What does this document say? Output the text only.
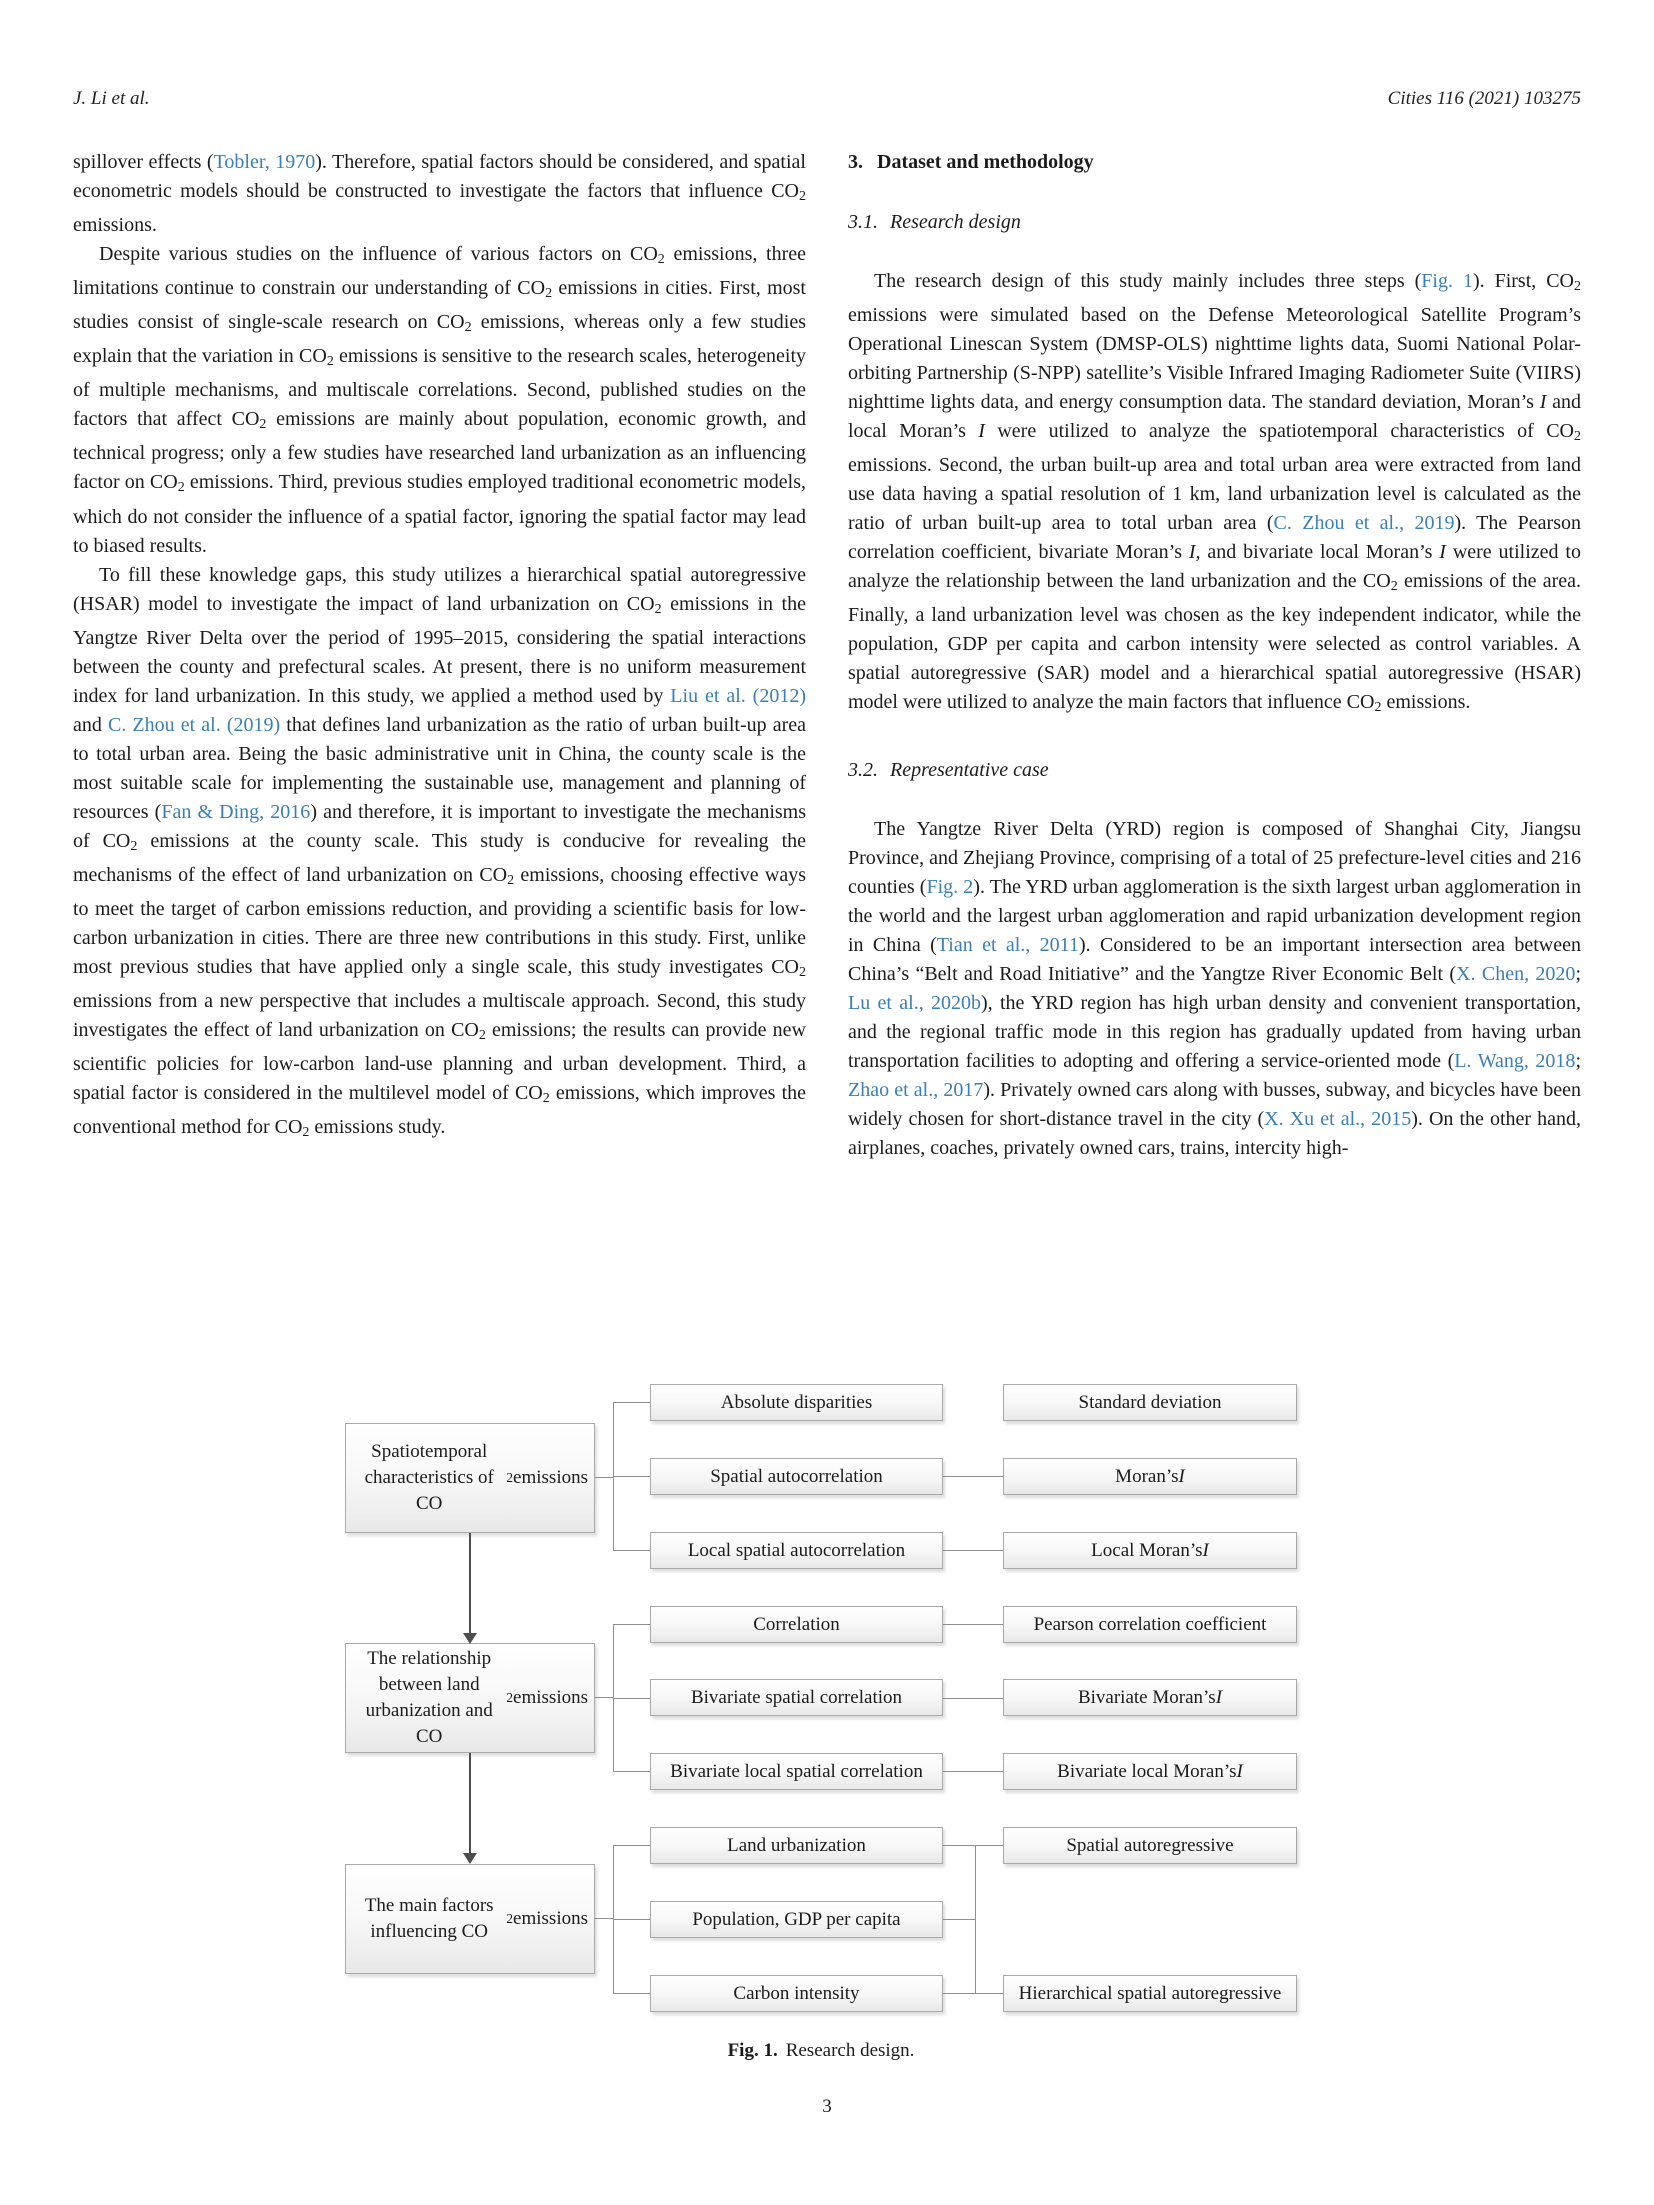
J. Li et al.	Cities 116 (2021) 103275

spillover effects (Tobler, 1970). Therefore, spatial factors should be considered, and spatial econometric models should be constructed to investigate the factors that influence CO2 emissions.

Despite various studies on the influence of various factors on CO2 emissions, three limitations continue to constrain our understanding of CO2 emissions in cities. First, most studies consist of single-scale research on CO2 emissions, whereas only a few studies explain that the variation in CO2 emissions is sensitive to the research scales, heterogeneity of multiple mechanisms, and multiscale correlations. Second, published studies on the factors that affect CO2 emissions are mainly about population, economic growth, and technical progress; only a few studies have researched land urbanization as an influencing factor on CO2 emissions. Third, previous studies employed traditional econometric models, which do not consider the influence of a spatial factor, ignoring the spatial factor may lead to biased results.

To fill these knowledge gaps, this study utilizes a hierarchical spatial autoregressive (HSAR) model to investigate the impact of land urbanization on CO2 emissions in the Yangtze River Delta over the period of 1995–2015, considering the spatial interactions between the county and prefectural scales. At present, there is no uniform measurement index for land urbanization. In this study, we applied a method used by Liu et al. (2012) and C. Zhou et al. (2019) that defines land urbanization as the ratio of urban built-up area to total urban area. Being the basic administrative unit in China, the county scale is the most suitable scale for implementing the sustainable use, management and planning of resources (Fan & Ding, 2016) and therefore, it is important to investigate the mechanisms of CO2 emissions at the county scale. This study is conducive for revealing the mechanisms of the effect of land urbanization on CO2 emissions, choosing effective ways to meet the target of carbon emissions reduction, and providing a scientific basis for low-carbon urbanization in cities. There are three new contributions in this study. First, unlike most previous studies that have applied only a single scale, this study investigates CO2 emissions from a new perspective that includes a multiscale approach. Second, this study investigates the effect of land urbanization on CO2 emissions; the results can provide new scientific policies for low-carbon land-use planning and urban development. Third, a spatial factor is considered in the multilevel model of CO2 emissions, which improves the conventional method for CO2 emissions study.

3. Dataset and methodology
3.1. Research design

The research design of this study mainly includes three steps (Fig. 1). First, CO2 emissions were simulated based on the Defense Meteorological Satellite Program’s Operational Linescan System (DMSP-OLS) nighttime lights data, Suomi National Polar-orbiting Partnership (S-NPP) satellite’s Visible Infrared Imaging Radiometer Suite (VIIRS) nighttime lights data, and energy consumption data. The standard deviation, Moran’s I and local Moran’s I were utilized to analyze the spatiotemporal characteristics of CO2 emissions. Second, the urban built-up area and total urban area were extracted from land use data having a spatial resolution of 1 km, land urbanization level is calculated as the ratio of urban built-up area to total urban area (C. Zhou et al., 2019). The Pearson correlation coefficient, bivariate Moran’s I, and bivariate local Moran’s I were utilized to analyze the relationship between the land urbanization and the CO2 emissions of the area. Finally, a land urbanization level was chosen as the key independent indicator, while the population, GDP per capita and carbon intensity were selected as control variables. A spatial autoregressive (SAR) model and a hierarchical spatial autoregressive (HSAR) model were utilized to analyze the main factors that influence CO2 emissions.

3.2. Representative case

The Yangtze River Delta (YRD) region is composed of Shanghai City, Jiangsu Province, and Zhejiang Province, comprising of a total of 25 prefecture-level cities and 216 counties (Fig. 2). The YRD urban agglomeration is the sixth largest urban agglomeration in the world and the largest urban agglomeration and rapid urbanization development region in China (Tian et al., 2011). Considered to be an important intersection area between China’s “Belt and Road Initiative” and the Yangtze River Economic Belt (X. Chen, 2020; Lu et al., 2020b), the YRD region has high urban density and convenient transportation, and the regional traffic mode in this region has gradually updated from having urban transportation facilities to adopting and offering a service-oriented mode (L. Wang, 2018; Zhao et al., 2017). Privately owned cars along with busses, subway, and bicycles have been widely chosen for short-distance travel in the city (X. Xu et al., 2015). On the other hand, airplanes, coaches, privately owned cars, trains, intercity high-

Spatiotemporal characteristics of CO
2 emissions
The relationship between land urbanization and CO
2 emissions
The main factors influencing CO
2 emissions
Absolute disparities
Spatial autocorrelation
Local spatial autocorrelation
Correlation
Bivariate spatial correlation
Bivariate local spatial correlation
Land urbanization
Population, GDP per capita
Carbon intensity
Standard deviation
Moran’s I
Local Moran’s I
Pearson correlation coefficient
Bivariate Moran’s I
Bivariate local Moran’s I
Spatial autoregressive
Hierarchical spatial autoregressive
Fig. 1. Research design.
3
